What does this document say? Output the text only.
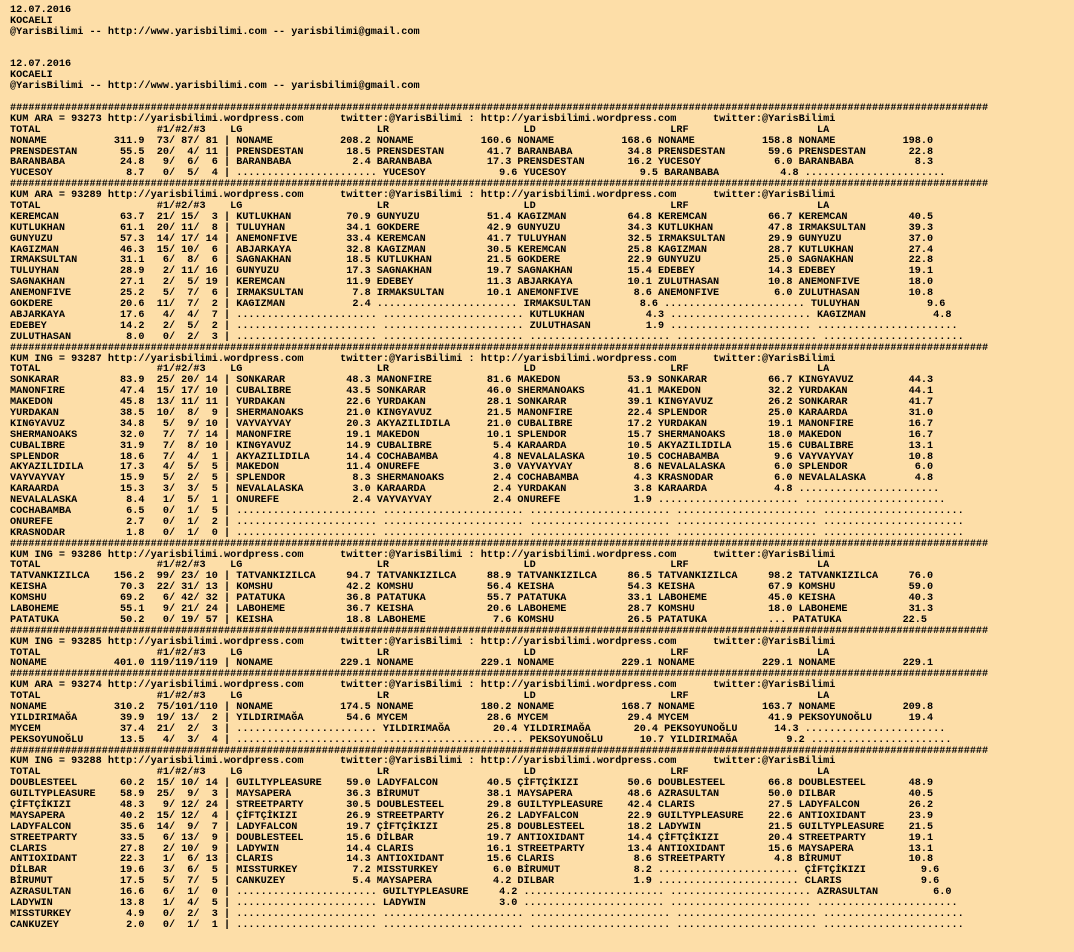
12.07.2016
KOCAELI
@YarisBilimi -- http://www.yarisbilimi.com -- yarisbilimi@gmail.com
12.07.2016
KOCAELI
@YarisBilimi -- http://www.yarisbilimi.com -- yarisbilimi@gmail.com
################################################################################################################################################################
KUM ARA = 93273 http://yarisbilimi.wordpress.com      twitter:@YarisBilimi : http://yarisbilimi.wordpress.com      twitter:@YarisBilimi
TOTAL                   #1/#2/#3    LG                      LR                      LD                      LRF                     LA
NONAME           311.9  73/ 87/ 81 | NONAME           208.2 NONAME           160.6 NONAME           168.6 NONAME           158.8 NONAME           198.0
PRENSDESTAN       55.5  20/  4/ 11 | PRENSDESTAN       18.5 PRENSDESTAN       41.7 BARANBABA         34.8 PRENSDESTAN       59.6 PRENSDESTAN       22.8
BARANBABA         24.8   9/  6/  6 | BARANBABA          2.4 BARANBABA         17.3 PRENSDESTAN       16.2 YUCESOY            6.0 BARANBABA          8.3
YUCESOY            8.7   0/  5/  4 | ....................... YUCESOY            9.6 YUCESOY            9.5 BARANBABA          4.8 .......................
################################################################################################################################################################
KUM ARA = 93289 http://yarisbilimi.wordpress.com      twitter:@YarisBilimi : http://yarisbilimi.wordpress.com      twitter:@YarisBilimi
TOTAL                   #1/#2/#3    LG                      LR                      LD                      LRF                     LA
KEREMCAN          63.7  21/ 15/  3 | KUTLUKHAN         70.9 GUNYUZU           51.4 KAGIZMAN          64.8 KEREMCAN          66.7 KEREMCAN          40.5
KUTLUKHAN         61.1  20/ 11/  8 | TULUYHAN          34.1 GOKDERE           42.9 GUNYUZU           34.3 KUTLUKHAN         47.8 IRMAKSULTAN       39.3
GUNYUZU           57.3  14/ 17/ 14 | ANEMONFIVE        33.4 KEREMCAN          41.7 TULUYHAN          32.5 IRMAKSULTAN       29.9 GUNYUZU           37.0
KAGIZMAN          46.3  15/ 10/  6 | ABJARKAYA         32.8 KAGIZMAN          30.5 KEREMCAN          25.8 KAGIZMAN          28.7 KUTLUKHAN         27.4
IRMAKSULTAN       31.1   6/  8/  6 | SAGNAKHAN         18.5 KUTLUKHAN         21.5 GOKDERE           22.9 GUNYUZU           25.0 SAGNAKHAN         22.8
TULUYHAN          28.9   2/ 11/ 16 | GUNYUZU           17.3 SAGNAKHAN         19.7 SAGNAKHAN         15.4 EDEBEY            14.3 EDEBEY            19.1
SAGNAKHAN         27.1   2/  5/ 19 | KEREMCAN          11.9 EDEBEY            11.3 ABJARKAYA         10.1 ZULUTHASAN        10.8 ANEMONFIVE        18.0
ANEMONFIVE        25.2   5/  7/  6 | IRMAKSULTAN        7.8 IRMAKSULTAN       10.1 ANEMONFIVE         8.6 ANEMONFIVE         6.0 ZULUTHASAN        10.8
GOKDERE           20.6  11/  7/  2 | KAGIZMAN           2.4 ....................... IRMAKSULTAN        8.6 ....................... TULUYHAN           9.6
ABJARKAYA         17.6   4/  4/  7 | ....................... ....................... KUTLUKHAN          4.3 ....................... KAGIZMAN           4.8
EDEBEY            14.2   2/  5/  2 | ....................... ....................... ZULUTHASAN         1.9 ....................... .......................
ZULUTHASAN         8.0   0/  2/  3 | ....................... ....................... ....................... ....................... .......................
################################################################################################################################################################
KUM ING = 93287 http://yarisbilimi.wordpress.com      twitter:@YarisBilimi : http://yarisbilimi.wordpress.com      twitter:@YarisBilimi
TOTAL                   #1/#2/#3    LG                      LR                      LD                      LRF                     LA
SONKARAR          83.9  25/ 20/ 14 | SONKARAR          48.3 MANONFIRE         81.6 MAKEDON           53.9 SONKARAR          66.7 KINGYAVUZ         44.3
MANONFIRE         47.4  15/ 17/ 10 | CUBALIBRE         43.5 SONKARAR          46.0 SHERMANOAKS       41.1 MAKEDON           32.2 YURDAKAN          44.1
MAKEDON           45.8  13/ 11/ 11 | YURDAKAN          22.6 YURDAKAN          28.1 SONKARAR          39.1 KINGYAVUZ         26.2 SONKARAR          41.7
YURDAKAN          38.5  10/  8/  9 | SHERMANOAKS       21.0 KINGYAVUZ         21.5 MANONFIRE         22.4 SPLENDOR          25.0 KARAARDA          31.0
KINGYAVUZ         34.8   5/  9/ 10 | VAYVAYVAY         20.3 AKYAZILIDILA      21.0 CUBALIBRE         17.2 YURDAKAN          19.1 MANONFIRE         16.7
SHERMANOAKS       32.0   7/  7/ 14 | MANONFIRE         19.1 MAKEDON           10.1 SPLENDOR          15.7 SHERMANOAKS       18.0 MAKEDON           16.7
CUBALIBRE         31.9   7/  8/ 10 | KINGYAVUZ         14.9 CUBALIBRE          5.4 KARAARDA          10.5 AKYAZILIDILA      15.6 CUBALIBRE         13.1
SPLENDOR          18.6   7/  4/  1 | AKYAZILIDILA      14.4 COCHABAMBA         4.8 NEVALALASKA       10.5 COCHABAMBA         9.6 VAYVAYVAY         10.8
AKYAZILIDILA      17.3   4/  5/  5 | MAKEDON           11.4 ONUREFE            3.0 VAYVAYVAY          8.6 NEVALALASKA        6.0 SPLENDOR           6.0
VAYVAYVAY         15.9   5/  2/  5 | SPLENDOR           8.3 SHERMANOAKS        2.4 COCHABAMBA         4.3 KRASNODAR          6.0 NEVALALASKA        4.8
KARAARDA          15.3   3/  3/  5 | NEVALALASKA        3.0 KARAARDA           2.4 YURDAKAN           3.8 KARAARDA           4.8 .......................
NEVALALASKA        8.4   1/  5/  1 | ONUREFE            2.4 VAYVAYVAY          2.4 ONUREFE            1.9 ....................... .......................
COCHABAMBA         6.5   0/  1/  5 | ....................... ....................... ....................... ....................... .......................
ONUREFE            2.7   0/  1/  2 | ....................... ....................... ....................... ....................... .......................
KRASNODAR          1.8   0/  1/  0 | ....................... ....................... ....................... ....................... .......................
################################################################################################################################################################
KUM ING = 93286 http://yarisbilimi.wordpress.com      twitter:@YarisBilimi : http://yarisbilimi.wordpress.com      twitter:@YarisBilimi
TOTAL                   #1/#2/#3    LG                      LR                      LD                      LRF                     LA
TATVANKIZILCA    156.2  99/ 23/ 10 | TATVANKIZILCA     94.7 TATVANKIZILCA     88.9 TATVANKIZILCA     86.5 TATVANKIZILCA     98.2 TATVANKIZILCA     76.0
KEISHA            70.3  22/ 31/ 13 | KOMSHU            42.2 KOMSHU            56.4 KEISHA            54.3 KEISHA            67.9 KOMSHU            59.0
KOMSHU            69.2   6/ 42/ 32 | PATATUKA          36.8 PATATUKA          55.7 PATATUKA          33.1 LABOHEME          45.0 KEISHA            40.3
LABOHEME          55.1   9/ 21/ 24 | LABOHEME          36.7 KEISHA            20.6 LABOHEME          28.7 KOMSHU            18.0 LABOHEME          31.3
PATATUKA          50.2   0/ 19/ 57 | KEISHA            18.8 LABOHEME           7.6 KOMSHU            26.5 PATATUKA          ... PATATUKA          22.5
################################################################################################################################################################
KUM ING = 93285 http://yarisbilimi.wordpress.com      twitter:@YarisBilimi : http://yarisbilimi.wordpress.com      twitter:@YarisBilimi
TOTAL                   #1/#2/#3    LG                      LR                      LD                      LRF                     LA
NONAME           401.0 119/119/119 | NONAME           229.1 NONAME           229.1 NONAME           229.1 NONAME           229.1 NONAME           229.1
################################################################################################################################################################
KUM ARA = 93274 http://yarisbilimi.wordpress.com      twitter:@YarisBilimi : http://yarisbilimi.wordpress.com      twitter:@YarisBilimi
TOTAL                   #1/#2/#3    LG                      LR                      LD                      LRF                     LA
NONAME           310.2  75/101/110 | NONAME           174.5 NONAME           180.2 NONAME           168.7 NONAME           163.7 NONAME           209.8
YILDIRIMAĞA       39.9  19/ 13/  2 | YILDIRIMAĞA       54.6 MYCEM             28.6 MYCEM             29.4 MYCEM             41.9 PEKSOYUNOĞLU      19.4
MYCEM             37.4  21/  2/  3 | ....................... YILDIRIMAĞA       20.4 YILDIRIMAĞA       20.4 PEKSOYUNOĞLU      14.3 .......................
PEKSOYUNOĞLU      13.5   4/  3/  4 | ....................... ....................... PEKSOYUNOĞLU      10.7 YILDIRIMAĞA        9.2 .......................
################################################################################################################################################################
KUM ING = 93288 http://yarisbilimi.wordpress.com      twitter:@YarisBilimi : http://yarisbilimi.wordpress.com      twitter:@YarisBilimi
TOTAL                   #1/#2/#3    LG                      LR                      LD                      LRF                     LA
DOUBLESTEEL       60.2  15/ 10/ 14 | GUILTYPLEASURE    59.0 LADYFALCON        40.5 ÇİFTÇİKIZI        50.6 DOUBLESTEEL       66.8 DOUBLESTEEL       48.9
GUILTYPLEASURE    58.9  25/  9/  3 | MAYSAPERA         36.3 BİRUMUT           38.1 MAYSAPERA         48.6 AZRASULTAN        50.0 DILBAR            40.5
ÇİFTÇİKIZI        48.3   9/ 12/ 24 | STREETPARTY       30.5 DOUBLESTEEL       29.8 GUILTYPLEASURE    42.4 CLARIS            27.5 LADYFALCON        26.2
MAYSAPERA         40.2  15/ 12/  4 | ÇİFTÇİKIZI        26.9 STREETPARTY       26.2 LADYFALCON        22.9 GUILTYPLEASURE    22.6 ANTIOXIDANT       23.9
LADYFALCON        35.6  14/  9/  7 | LADYFALCON        19.7 ÇİFTÇİKIZI        25.8 DOUBLESTEEL       18.2 LADYWIN           21.5 GUILTYPLEASURE    21.5
STREETPARTY       33.5   6/ 13/  9 | DOUBLESTEEL       15.6 DİLBAR            19.7 ANTIOXIDANT       14.4 ÇİFTÇİKIZI        20.4 STREETPARTY       19.1
CLARIS            27.8   2/ 10/  9 | LADYWIN           14.4 CLARIS            16.1 STREETPARTY       13.4 ANTIOXIDANT       15.6 MAYSAPERA         13.1
ANTIOXIDANT       22.3   1/  6/ 13 | CLARIS            14.3 ANTIOXIDANT       15.6 CLARIS             8.6 STREETPARTY        4.8 BİRUMUT           10.8
DİLBAR            19.6   3/  6/  5 | MISSTURKEY         7.2 MISSTURKEY         6.0 BİRUMUT            8.2 ....................... ÇİFTÇİKIZI         9.6
BİRUMUT           17.5   5/  7/  5 | CANKUZEY           5.4 MAYSAPERA          4.2 DILBAR             1.9 ....................... CLARIS             9.6
AZRASULTAN        16.6   6/  1/  0 | ....................... GUILTYPLEASURE     4.2 ....................... ....................... AZRASULTAN         6.0
LADYWIN           13.8   1/  4/  5 | ....................... LADYWIN            3.0 ....................... ....................... .......................
MISSTURKEY         4.9   0/  2/  3 | ....................... ....................... ....................... ....................... .......................
CANKUZEY           2.0   0/  1/  1 | ....................... ....................... ....................... ....................... .......................
